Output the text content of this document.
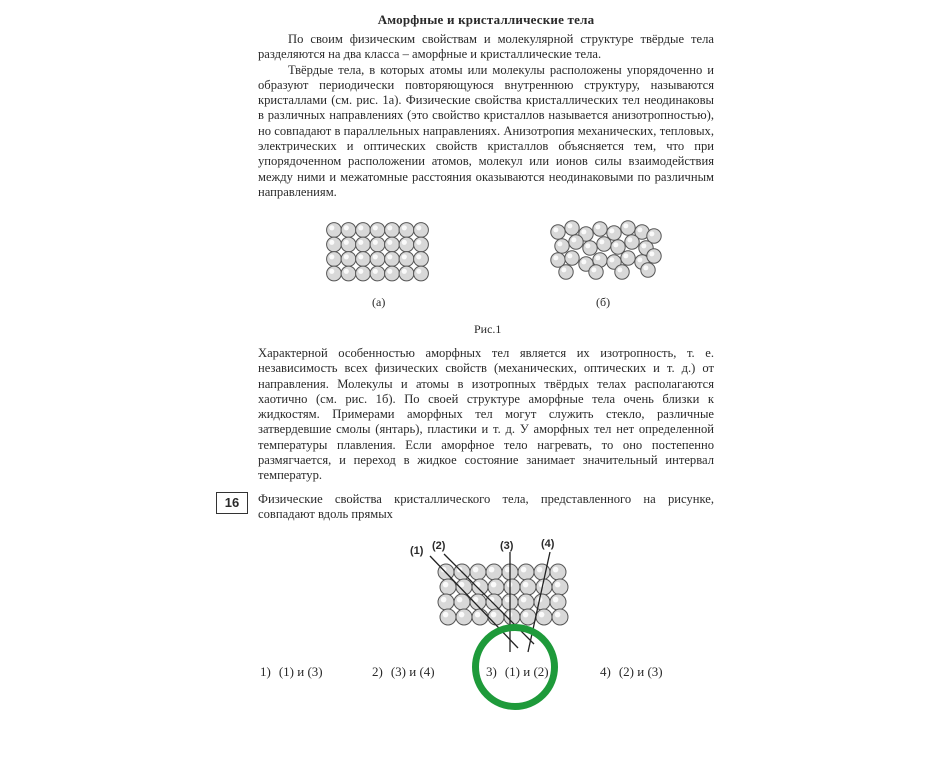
Аморфные и кристаллические тела

По своим физическим свойствам и молекулярной структуре твёрдые тела разделяются на два класса – аморфные и кристаллические тела.

Твёрдые тела, в которых атомы или молекулы расположены упорядоченно и образуют периодически повторяющуюся внутреннюю структуру, называются кристаллами (см. рис. 1а). Физические свойства кристаллических тел неодинаковы в различных направлениях (это свойство кристаллов называется анизотропностью), но совпадают в параллельных направлениях. Анизотропия механических, тепловых, электрических и оптических свойств кристаллов объясняется тем, что при упорядоченном расположении атомов, молекул или ионов силы взаимодействия между ними и межатомные расстояния оказываются неодинаковыми по различным направлениям.

(а)	(б)
Рис.1

Характерной особенностью аморфных тел является их изотропность, т. е. независимость всех физических свойств (механических, оптических и т. д.) от направления. Молекулы и атомы в изотропных твёрдых телах располагаются хаотично (см. рис. 1б). По своей структуре аморфные тела очень близки к жидкостям. Примерами аморфных тел могут служить стекло, различные затвердевшие смолы (янтарь), пластики и т. д. У аморфных тел нет определенной температуры плавления. Если аморфное тело нагревать, то оно постепенно размягчается, и переход в жидкое состояние занимает значительный интервал температур.

16	Физические свойства кристаллического тела, представленного на рисунке, совпадают вдоль прямых

(1) (2)	(3)	(4)
1) (1) и (3)	2) (3) и (4)	3) (1) и (2)	4) (2) и (3)
